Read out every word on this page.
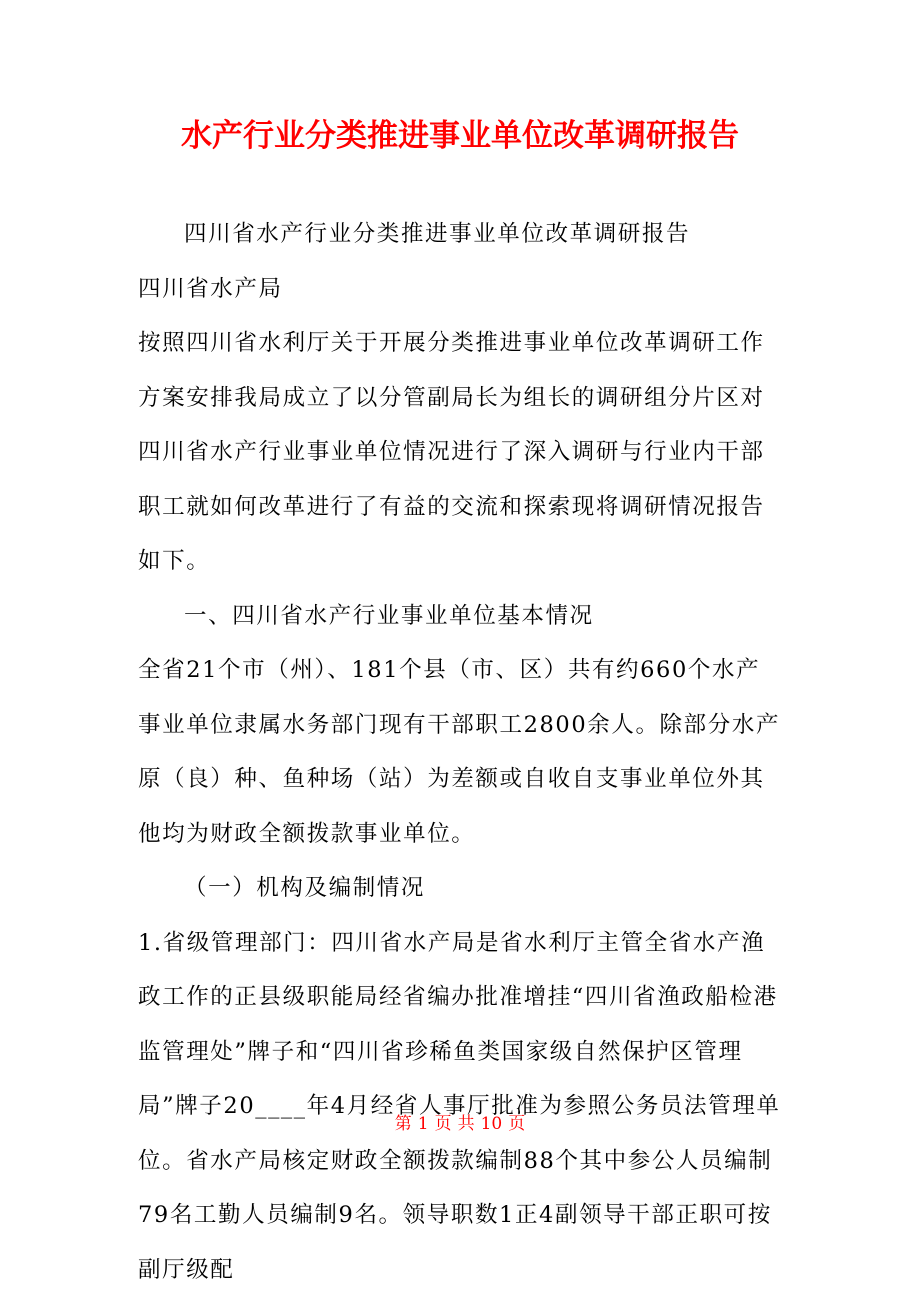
水产行业分类推进事业单位改革调研报告

四川省水产行业分类推进事业单位改革调研报告

四川省水产局

按照四川省水利厅关于开展分类推进事业单位改革调研工作方案安排我局成立了以分管副局长为组长的调研组分片区对四川省水产行业事业单位情况进行了深入调研与行业内干部职工就如何改革进行了有益的交流和探索现将调研情况报告如下。

一、四川省水产行业事业单位基本情况

全省21个市（州）、181个县（市、区）共有约660个水产事业单位隶属水务部门现有干部职工2800余人。除部分水产原（良）种、鱼种场（站）为差额或自收自支事业单位外其他均为财政全额拨款事业单位。

（一）机构及编制情况

1.省级管理部门：四川省水产局是省水利厅主管全省水产渔政工作的正县级职能局经省编办批准增挂“四川省渔政船检港监管理处”牌子和“四川省珍稀鱼类国家级自然保护区管理局”牌子20____年4月经省人事厅批准为参照公务员法管理单位。省水产局核定财政全额拨款编制88个其中参公人员编制79名工勤人员编制9名。领导职数1正4副领导干部正职可按副厅级配

第 1 页 共 10 页
